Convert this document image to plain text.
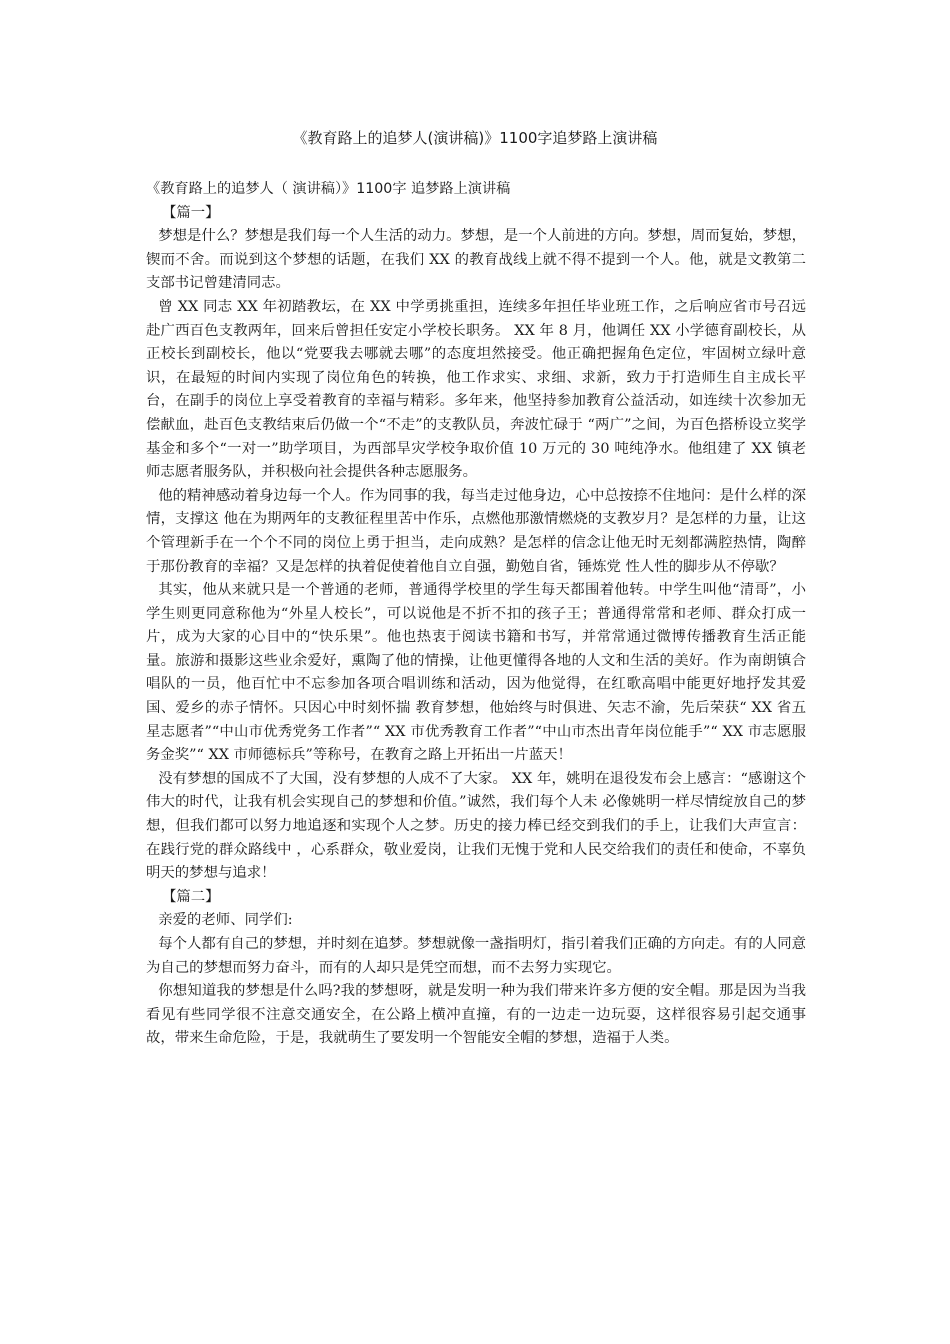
《教育路上的追梦人(演讲稿)》1100字追梦路上演讲稿

《教育路上的追梦人（ 演讲稿）》1100字 追梦路上演讲稿

【篇一】

梦想是什么？梦想是我们每一个人生活的动力。梦想，是一个人前进的方向。梦想，周而复始，梦想，锲而不舍。而说到这个梦想的话题，在我们 XX 的教育战线上就不得不提到一个人。他，就是文教第二支部书记曾建清同志。

曾 XX 同志 XX 年初踏教坛，在 XX 中学勇挑重担，连续多年担任毕业班工作，之后响应省市号召远赴广西百色支教两年，回来后曾担任安定小学校长职务。 XX 年 8 月，他调任 XX 小学德育副校长，从正校长到副校长，他以“党要我去哪就去哪”的态度坦然接受。他正确把握角色定位，牢固树立绿叶意识，在最短的时间内实现了岗位角色的转换，他工作求实、求细、求新，致力于打造师生自主成长平台，在副手的岗位上享受着教育的幸福与精彩。多年来，他坚持参加教育公益活动，如连续十次参加无偿献血，赴百色支教结束后仍做一个“不走”的支教队员，奔波忙碌于 “两广”之间，为百色搭桥设立奖学基金和多个“一对一”助学项目，为西部旱灾学校争取价值 10 万元的 30 吨纯净水。他组建了 XX 镇老师志愿者服务队，并积极向社会提供各种志愿服务。

他的精神感动着身边每一个人。作为同事的我，每当走过他身边，心中总按捺不住地问：是什么样的深情，支撑这 他在为期两年的支教征程里苦中作乐，点燃他那激情燃烧的支教岁月？是怎样的力量，让这个管理新手在一个个不同的岗位上勇于担当，走向成熟？是怎样的信念让他无时无刻都满腔热情，陶醉于那份教育的幸福？又是怎样的执着促使着他自立自强，勤勉自省，锤炼党 性人性的脚步从不停歇？

其实，他从来就只是一个普通的老师，普通得学校里的学生每天都围着他转。中学生叫他“清哥”，小学生则更同意称他为“外星人校长”，可以说他是不折不扣的孩子王；普通得常常和老师、群众打成一片，成为大家的心目中的“快乐果”。他也热衷于阅读书籍和书写，并常常通过微博传播教育生活正能量。旅游和摄影这些业余爱好，熏陶了他的情操，让他更懂得各地的人文和生活的美好。作为南朗镇合唱队的一员，他百忙中不忘参加各项合唱训练和活动，因为他觉得，在红歌高唱中能更好地抒发其爱国、爱乡的赤子情怀。只因心中时刻怀揣 教育梦想，他始终与时俱进、矢志不渝，先后荣获“ XX 省五星志愿者”“中山市优秀党务工作者”“ XX 市优秀教育工作者”“中山市杰出青年岗位能手”“ XX 市志愿服务金奖”“ XX 市师德标兵”等称号，在教育之路上开拓出一片蓝天！

没有梦想的国成不了大国，没有梦想的人成不了大家。 XX 年，姚明在退役发布会上感言：“感谢这个伟大的时代，让我有机会实现自己的梦想和价值。”诚然，我们每个人未 必像姚明一样尽情绽放自己的梦想，但我们都可以努力地追逐和实现个人之梦。历史的接力棒已经交到我们的手上，让我们大声宣言：在践行党的群众路线中 ，心系群众，敬业爱岗，让我们无愧于党和人民交给我们的责任和使命，不辜负明天的梦想与追求！

【篇二】

亲爱的老师、同学们:

每个人都有自己的梦想，并时刻在追梦。梦想就像一盏指明灯，指引着我们正确的方向走。有的人同意为自己的梦想而努力奋斗，而有的人却只是凭空而想，而不去努力实现它。

你想知道我的梦想是什么吗?我的梦想呀，就是发明一种为我们带来许多方便的安全帽。那是因为当我看见有些同学很不注意交通安全，在公路上横冲直撞，有的一边走一边玩耍，这样很容易引起交通事故，带来生命危险，于是，我就萌生了要发明一个智能安全帽的梦想，造福于人类。
